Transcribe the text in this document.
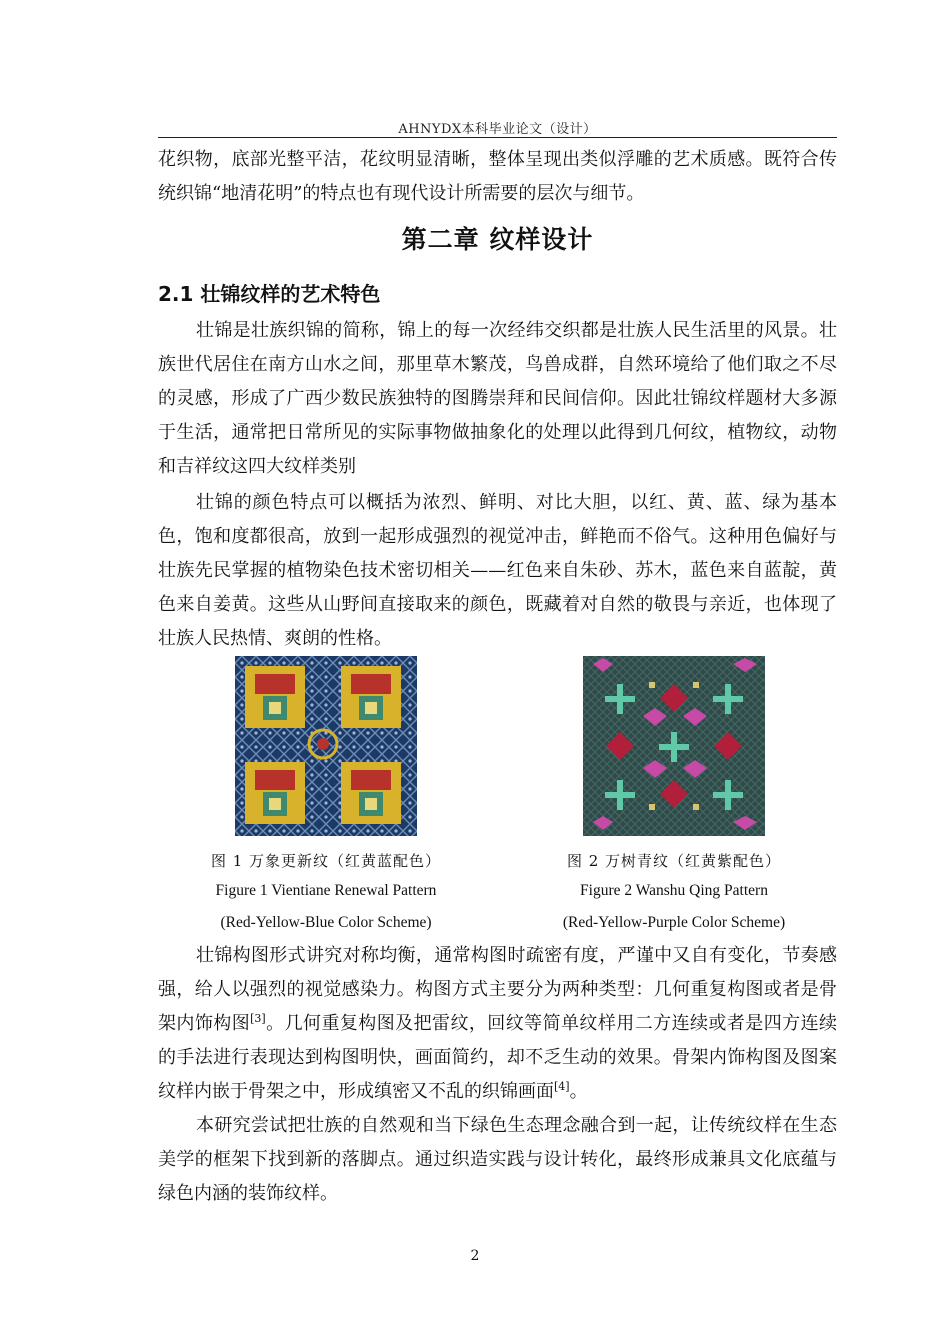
AHNYDX本科毕业论文（设计）

花织物，底部光整平洁，花纹明显清晰，整体呈现出类似浮雕的艺术质感。既符合传统织锦“地清花明”的特点也有现代设计所需要的层次与细节。

第二章 纹样设计
2.1 壮锦纹样的艺术特色

壮锦是壮族织锦的简称，锦上的每一次经纬交织都是壮族人民生活里的风景。壮族世代居住在南方山水之间，那里草木繁茂，鸟兽成群，自然环境给了他们取之不尽的灵感，形成了广西少数民族独特的图腾崇拜和民间信仰。因此壮锦纹样题材大多源于生活，通常把日常所见的实际事物做抽象化的处理以此得到几何纹，植物纹，动物和吉祥纹这四大纹样类别

壮锦的颜色特点可以概括为浓烈、鲜明、对比大胆，以红、黄、蓝、绿为基本色，饱和度都很高，放到一起形成强烈的视觉冲击，鲜艳而不俗气。这种用色偏好与壮族先民掌握的植物染色技术密切相关——红色来自朱砂、苏木，蓝色来自蓝靛，黄色来自姜黄。这些从山野间直接取来的颜色，既藏着对自然的敬畏与亲近，也体现了壮族人民热情、爽朗的性格。

图 1 万象更新纹（红黄蓝配色）
Figure 1 Vientiane Renewal Pattern
(Red-Yellow-Blue Color Scheme)
图 2 万树青纹（红黄紫配色）
Figure 2 Wanshu Qing Pattern
(Red-Yellow-Purple Color Scheme)

壮锦构图形式讲究对称均衡，通常构图时疏密有度，严谨中又自有变化，节奏感强，给人以强烈的视觉感染力。构图方式主要分为两种类型：几何重复构图或者是骨架内饰构图[3]。几何重复构图及把雷纹，回纹等简单纹样用二方连续或者是四方连续的手法进行表现达到构图明快，画面简约，却不乏生动的效果。骨架内饰构图及图案纹样内嵌于骨架之中，形成缜密又不乱的织锦画面[4]。

本研究尝试把壮族的自然观和当下绿色生态理念融合到一起，让传统纹样在生态美学的框架下找到新的落脚点。通过织造实践与设计转化，最终形成兼具文化底蕴与绿色内涵的装饰纹样。

2
